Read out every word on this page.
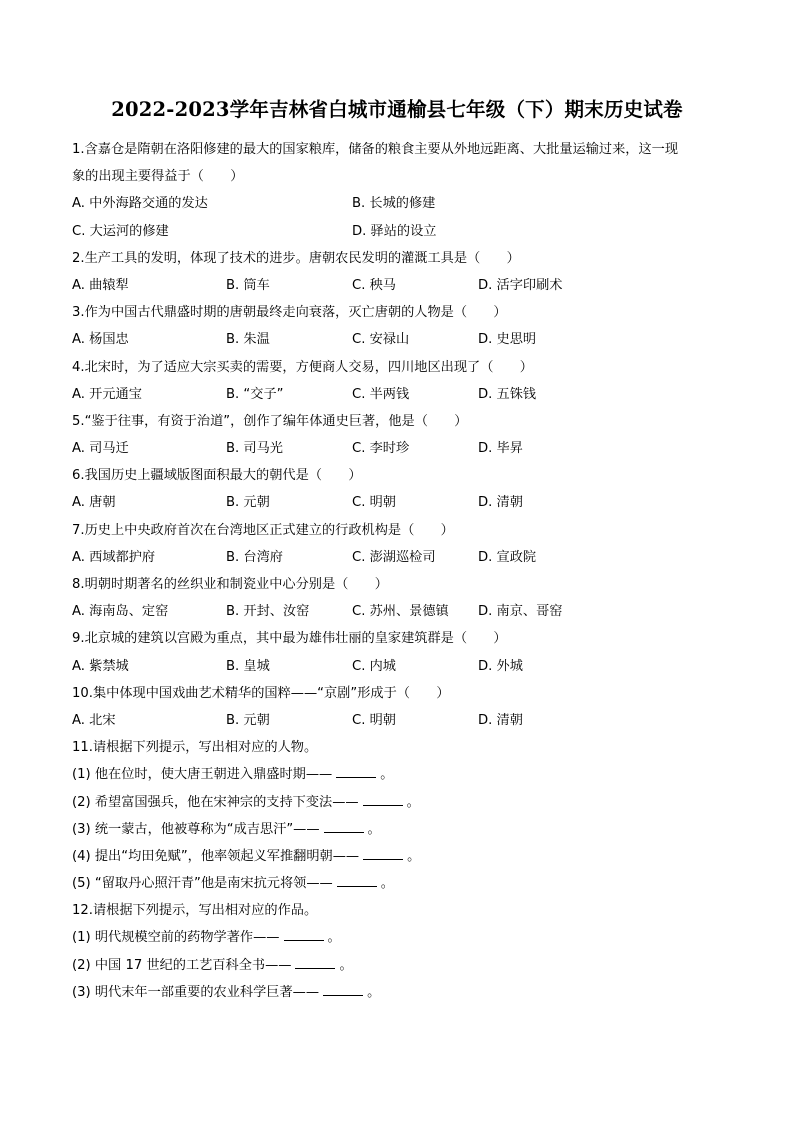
2022-2023学年吉林省白城市通榆县七年级（下）期末历史试卷
1.含嘉仓是隋朝在洛阳修建的最大的国家粮库，储备的粮食主要从外地远距离、大批量运输过来，这一现
象的出现主要得益于（　　）
A. 中外海路交通的发达	B. 长城的修建
C. 大运河的修建	D. 驿站的设立
2.生产工具的发明，体现了技术的进步。唐朝农民发明的灌溉工具是（　　）
A. 曲辕犁	B. 筒车	C. 秧马	D. 活字印刷术
3.作为中国古代鼎盛时期的唐朝最终走向衰落，灭亡唐朝的人物是（　　）
A. 杨国忠	B. 朱温	C. 安禄山	D. 史思明
4.北宋时，为了适应大宗买卖的需要，方便商人交易，四川地区出现了（　　）
A. 开元通宝	B. “交子”	C. 半两钱	D. 五铢钱
5.“鉴于往事，有资于治道”，创作了编年体通史巨著，他是（　　）
A. 司马迁	B. 司马光	C. 李时珍	D. 毕昇
6.我国历史上疆域版图面积最大的朝代是（　　）
A. 唐朝	B. 元朝	C. 明朝	D. 清朝
7.历史上中央政府首次在台湾地区正式建立的行政机构是（　　）
A. 西域都护府	B. 台湾府	C. 澎湖巡检司	D. 宣政院
8.明朝时期著名的丝织业和制瓷业中心分别是（　　）
A. 海南岛、定窑	B. 开封、汝窑	C. 苏州、景德镇 D. 南京、哥窑
9.北京城的建筑以宫殿为重点，其中最为雄伟壮丽的皇家建筑群是（　　）
A. 紫禁城	B. 皇城	C. 内城	D. 外城
10.集中体现中国戏曲艺术精华的国粹——“京剧”形成于（　　）
A. 北宋	B. 元朝	C. 明朝	D. 清朝
11.请根据下列提示，写出相对应的人物。
(1) 他在位时，使大唐王朝进入鼎盛时期——	。
(2) 希望富国强兵，他在宋神宗的支持下变法——	。
(3) 统一蒙古，他被尊称为“成吉思汗”——	。
(4) 提出“均田免赋”，他率领起义军推翻明朝——	。
(5) “留取丹心照汗青”他是南宋抗元将领——	。
12.请根据下列提示，写出相对应的作品。
(1) 明代规模空前的药物学著作——	。
(2) 中国 17 世纪的工艺百科全书——	。
(3) 明代末年一部重要的农业科学巨著——	。
